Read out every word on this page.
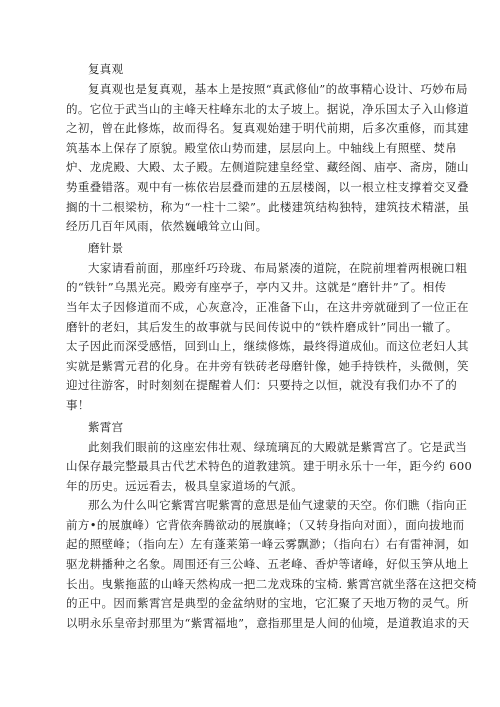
复真观
复真观也是复真观，基本上是按照“真武修仙”的故事精心设计、巧妙布局
的。它位于武当山的主峰天柱峰东北的太子坡上。据说，净乐国太子入山修道
之初，曾在此修炼，故而得名。复真观始建于明代前期，后多次重修，而其建
筑基本上保存了原貌。殿堂依山势而建，层层向上。中轴线上有照壁、焚帛
炉、龙虎殿、大殿、太子殿。左侧道院建皇经堂、藏经阁、庙亭、斋房，随山
势重叠错落。观中有一栋依岩层叠而建的五层楼阁，以一根立柱支撑着交叉叠
搁的十二根梁枋，称为“一柱十二梁”。此楼建筑结构独特，建筑技术精湛，虽
经历几百年风雨，依然巍峨耸立山间。
磨针景
大家请看前面，那座纤巧玲珑、布局紧凑的道院，在院前埋着两根碗口粗
的“铁针”乌黑光亮。殿旁有座亭子，亭内又井。这就是“磨针井”了。相传
当年太子因修道而不成，心灰意冷，正准备下山，在这井旁就碰到了一位正在
磨针的老妇，其后发生的故事就与民间传说中的“铁杵磨成针”同出一辙了。
太子因此而深受感悟，回到山上，继续修炼，最终得道成仙。而这位老妇人其
实就是紫霄元君的化身。在井旁有铁砖老母磨针像，她手持铁杵，头微侧，笑
迎过往游客，时时刻刻在提醒着人们：只要持之以恒，就没有我们办不了的
事！
紫霄宫
此刻我们眼前的这座宏伟壮观、绿琉璃瓦的大殿就是紫霄宫了。它是武当
山保存最完整最具古代艺术特色的道教建筑。建于明永乐十一年，距今约 600
年的历史。远远看去，极具皇家道场的气派。
那么为什么叫它紫霄宫呢紫霄的意思是仙气逮蒙的天空。你们瞧（指向正
前方•的展旗峰）它背依奔腾欲动的展旗峰；（又转身指向对面），面向拔地而
起的照壁峰；（指向左）左有蓬莱第一峰云雾飘渺；（指向右）右有雷神洞，如
驱龙耕播种之名象。周围还有三公峰、五老峰、香炉等诸峰，好似玉笋从地上
长出。曳紫拖蓝的山峰天然构成一把二龙戏珠的宝椅. 紫霄宫就坐落在这把交椅
的正中。因而紫霄宫是典型的金盆纳财的宝地，它汇聚了天地万物的灵气。所
以明永乐皇帝封那里为“紫霄福地”，意指那里是人间的仙境，是道教追求的天
